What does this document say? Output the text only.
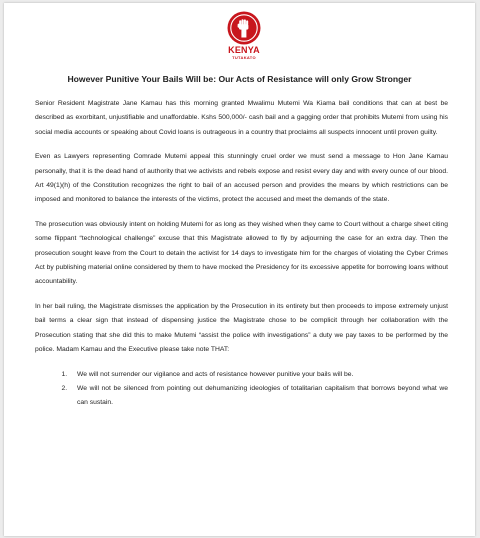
KENYA
TUTAKATO
However Punitive Your Bails Will be: Our Acts of Resistance will only Grow Stronger

Senior Resident Magistrate Jane Kamau has this morning granted Mwalimu Mutemi Wa Kiama bail conditions that can at best be described as exorbitant, unjustifiable and unaffordable. Kshs 500,000/- cash bail and a gagging order that prohibits Mutemi from using his social media accounts or speaking about Covid loans is outrageous in a country that proclaims all suspects innocent until proven guilty.

Even as Lawyers representing Comrade Mutemi appeal this stunningly cruel order we must send a message to Hon Jane Kamau personally, that it is the dead hand of authority that we activists and rebels expose and resist every day and with every ounce of our blood. Art 49(1)(h) of the Constitution recognizes the right to bail of an accused person and provides the means by which restrictions can be imposed and monitored to balance the interests of the victims, protect the accused and meet the demands of the state.

The prosecution was obviously intent on holding Mutemi for as long as they wished when they came to Court without a charge sheet citing some flippant “technological challenge” excuse that this Magistrate allowed to fly by adjourning the case for an extra day. Then the prosecution sought leave from the Court to detain the activist for 14 days to investigate him for the charges of violating the Cyber Crimes Act by publishing material online considered by them to have mocked the Presidency for its excessive appetite for borrowing loans without accountability.

In her bail ruling, the Magistrate dismisses the application by the Prosecution in its entirety but then proceeds to impose extremely unjust bail terms a clear sign that instead of dispensing justice the Magistrate chose to be complicit through her collaboration with the Prosecution stating that she did this to make Mutemi “assist the police with investigations” a duty we pay taxes to be performed by the police. Madam Kamau and the Executive please take note THAT:

1. We will not surrender our vigilance and acts of resistance however punitive your bails will be.
2. We will not be silenced from pointing out dehumanizing ideologies of totalitarian capitalism that borrows beyond what we can sustain.
